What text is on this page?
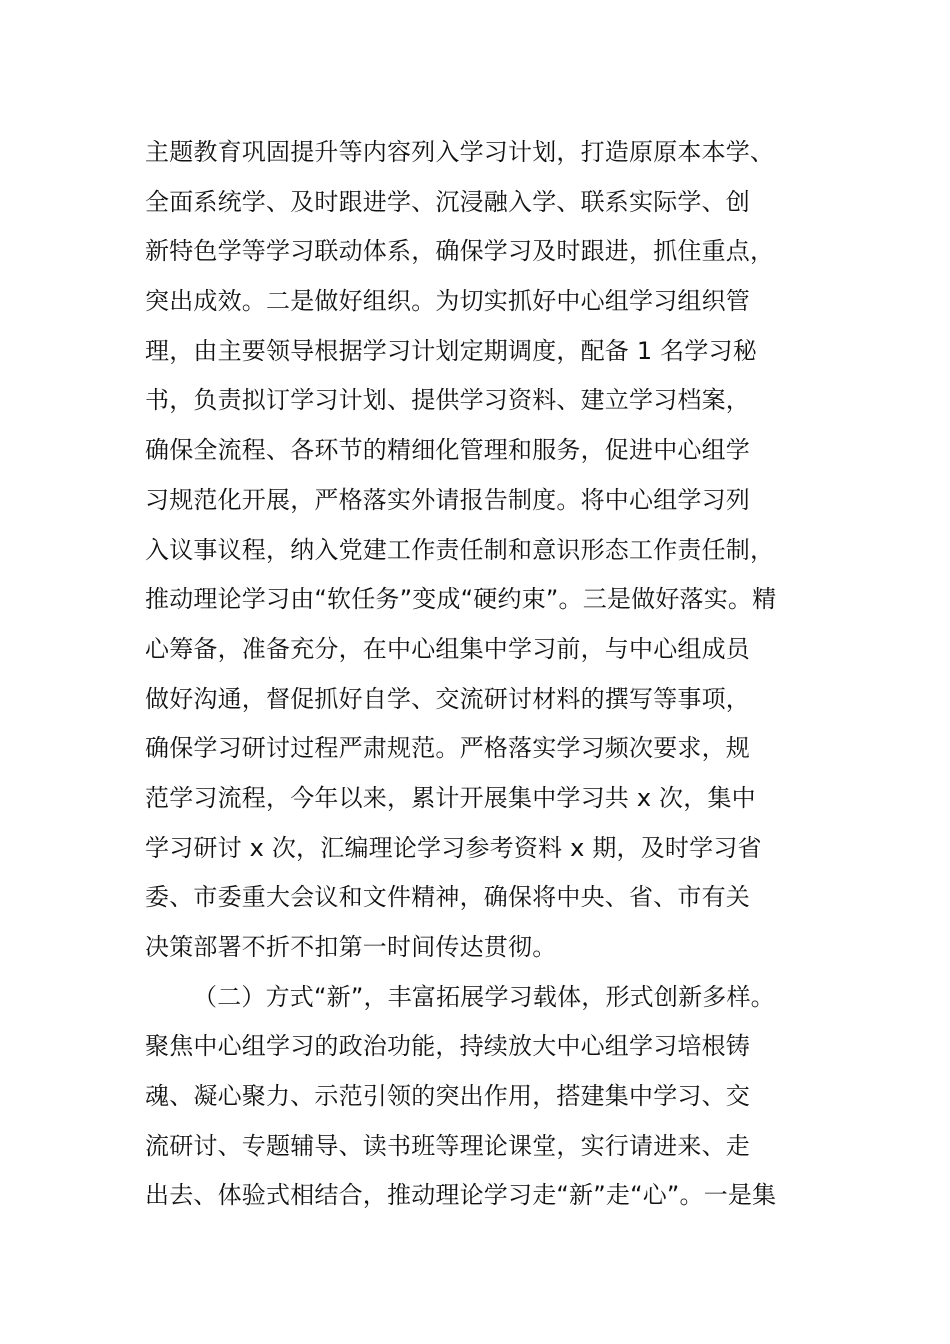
主题教育巩固提升等内容列入学习计划，打造原原本本学、
全面系统学、及时跟进学、沉浸融入学、联系实际学、创
新特色学等学习联动体系，确保学习及时跟进，抓住重点，
突出成效。二是做好组织。为切实抓好中心组学习组织管
理，由主要领导根据学习计划定期调度，配备 1 名学习秘
书，负责拟订学习计划、提供学习资料、建立学习档案，
确保全流程、各环节的精细化管理和服务，促进中心组学
习规范化开展，严格落实外请报告制度。将中心组学习列
入议事议程，纳入党建工作责任制和意识形态工作责任制，
推动理论学习由“软任务”变成“硬约束”。三是做好落实。精
心筹备，准备充分，在中心组集中学习前，与中心组成员
做好沟通，督促抓好自学、交流研讨材料的撰写等事项，
确保学习研讨过程严肃规范。严格落实学习频次要求，规
范学习流程，今年以来，累计开展集中学习共 x 次，集中
学习研讨 x 次，汇编理论学习参考资料 x 期，及时学习省
委、市委重大会议和文件精神，确保将中央、省、市有关
决策部署不折不扣第一时间传达贯彻。
（二）方式“新”，丰富拓展学习载体，形式创新多样。
聚焦中心组学习的政治功能，持续放大中心组学习培根铸
魂、凝心聚力、示范引领的突出作用，搭建集中学习、交
流研讨、专题辅导、读书班等理论课堂，实行请进来、走
出去、体验式相结合，推动理论学习走“新”走“心”。一是集
